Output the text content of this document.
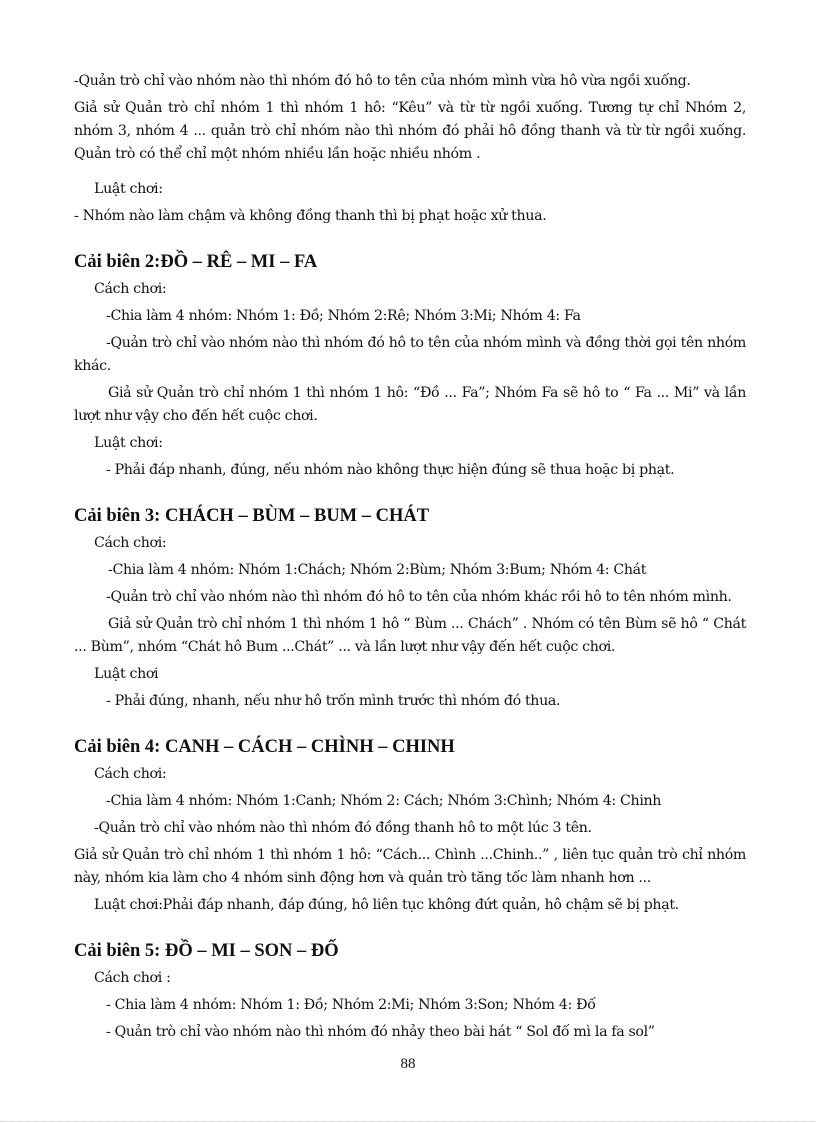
-Quản trò chỉ vào nhóm nào thì nhóm đó hô to tên của nhóm mình vừa hô vừa ngồi xuống.

Giả sử Quản trò chỉ nhóm 1 thì nhóm 1 hô: “Kêu” và từ từ ngồi xuống. Tương tự chỉ Nhóm 2, nhóm 3, nhóm 4 ... quản trò chỉ nhóm nào thì nhóm đó phải hô đồng thanh và từ từ ngồi xuống. Quản trò có thể chỉ một nhóm nhiều lần hoặc nhiều nhóm .

Luật chơi:

- Nhóm nào làm chậm và không đồng thanh thì bị phạt hoặc xử thua.

Cải biên 2:ĐỒ – RÊ – MI – FA

Cách chơi:

-Chia làm 4 nhóm: Nhóm 1: Đồ; Nhóm 2:Rê; Nhóm 3:Mi; Nhóm 4: Fa

-Quản trò chỉ vào nhóm nào thì nhóm đó hô to tên của nhóm mình và đồng thời gọi tên nhóm khác.

Giả sử Quản trò chỉ nhóm 1 thì nhóm 1 hô: “Đồ ... Fa”; Nhóm Fa sẽ hô to “ Fa ... Mi” và lần lượt như vậy cho đến hết cuộc chơi.

Luật chơi:

- Phải đáp nhanh, đúng, nếu nhóm nào không thực hiện đúng sẽ thua hoặc bị phạt.

Cải biên 3: CHÁCH – BÙM – BUM – CHÁT

Cách chơi:

-Chia làm 4 nhóm: Nhóm 1:Chách; Nhóm 2:Bùm; Nhóm 3:Bum; Nhóm 4: Chát

-Quản trò chỉ vào nhóm nào thì nhóm đó hô to tên của nhóm khác rồi hô to tên nhóm mình.

Giả sử Quản trò chỉ nhóm 1 thì nhóm 1 hô “ Bùm ... Chách” . Nhóm có tên Bùm sẽ hô “ Chát ... Bùm”, nhóm “Chát hô Bum ...Chát” ... và lần lượt như vậy đến hết cuộc chơi.

Luật chơi

- Phải đúng, nhanh, nếu như hô trốn mình trước thì nhóm đó thua.

Cải biên 4: CANH – CÁCH – CHÌNH – CHINH

Cách chơi:

-Chia làm 4 nhóm: Nhóm 1:Canh; Nhóm 2: Cách; Nhóm 3:Chình; Nhóm 4: Chinh

-Quản trò chỉ vào nhóm nào thì nhóm đó đồng thanh hô to một lúc 3 tên.

Giả sử Quản trò chỉ nhóm 1 thì nhóm 1 hô: “Cách... Chình ...Chinh..” , liên tục quản trò chỉ nhóm này, nhóm kia làm cho 4 nhóm sinh động hơn và quản trò tăng tốc làm nhanh hơn ...

Luật chơi:Phải đáp nhanh, đáp đúng, hô liên tục không đứt quản, hô chậm sẽ bị phạt.

Cải biên 5: ĐỒ – MI – SON – ĐỐ

Cách chơi :

- Chia làm 4 nhóm: Nhóm 1: Đồ; Nhóm 2:Mi; Nhóm 3:Son; Nhóm 4: Đố

- Quản trò chỉ vào nhóm nào thì nhóm đó nhảy theo bài hát “ Sol đố mì la fa sol”

88
